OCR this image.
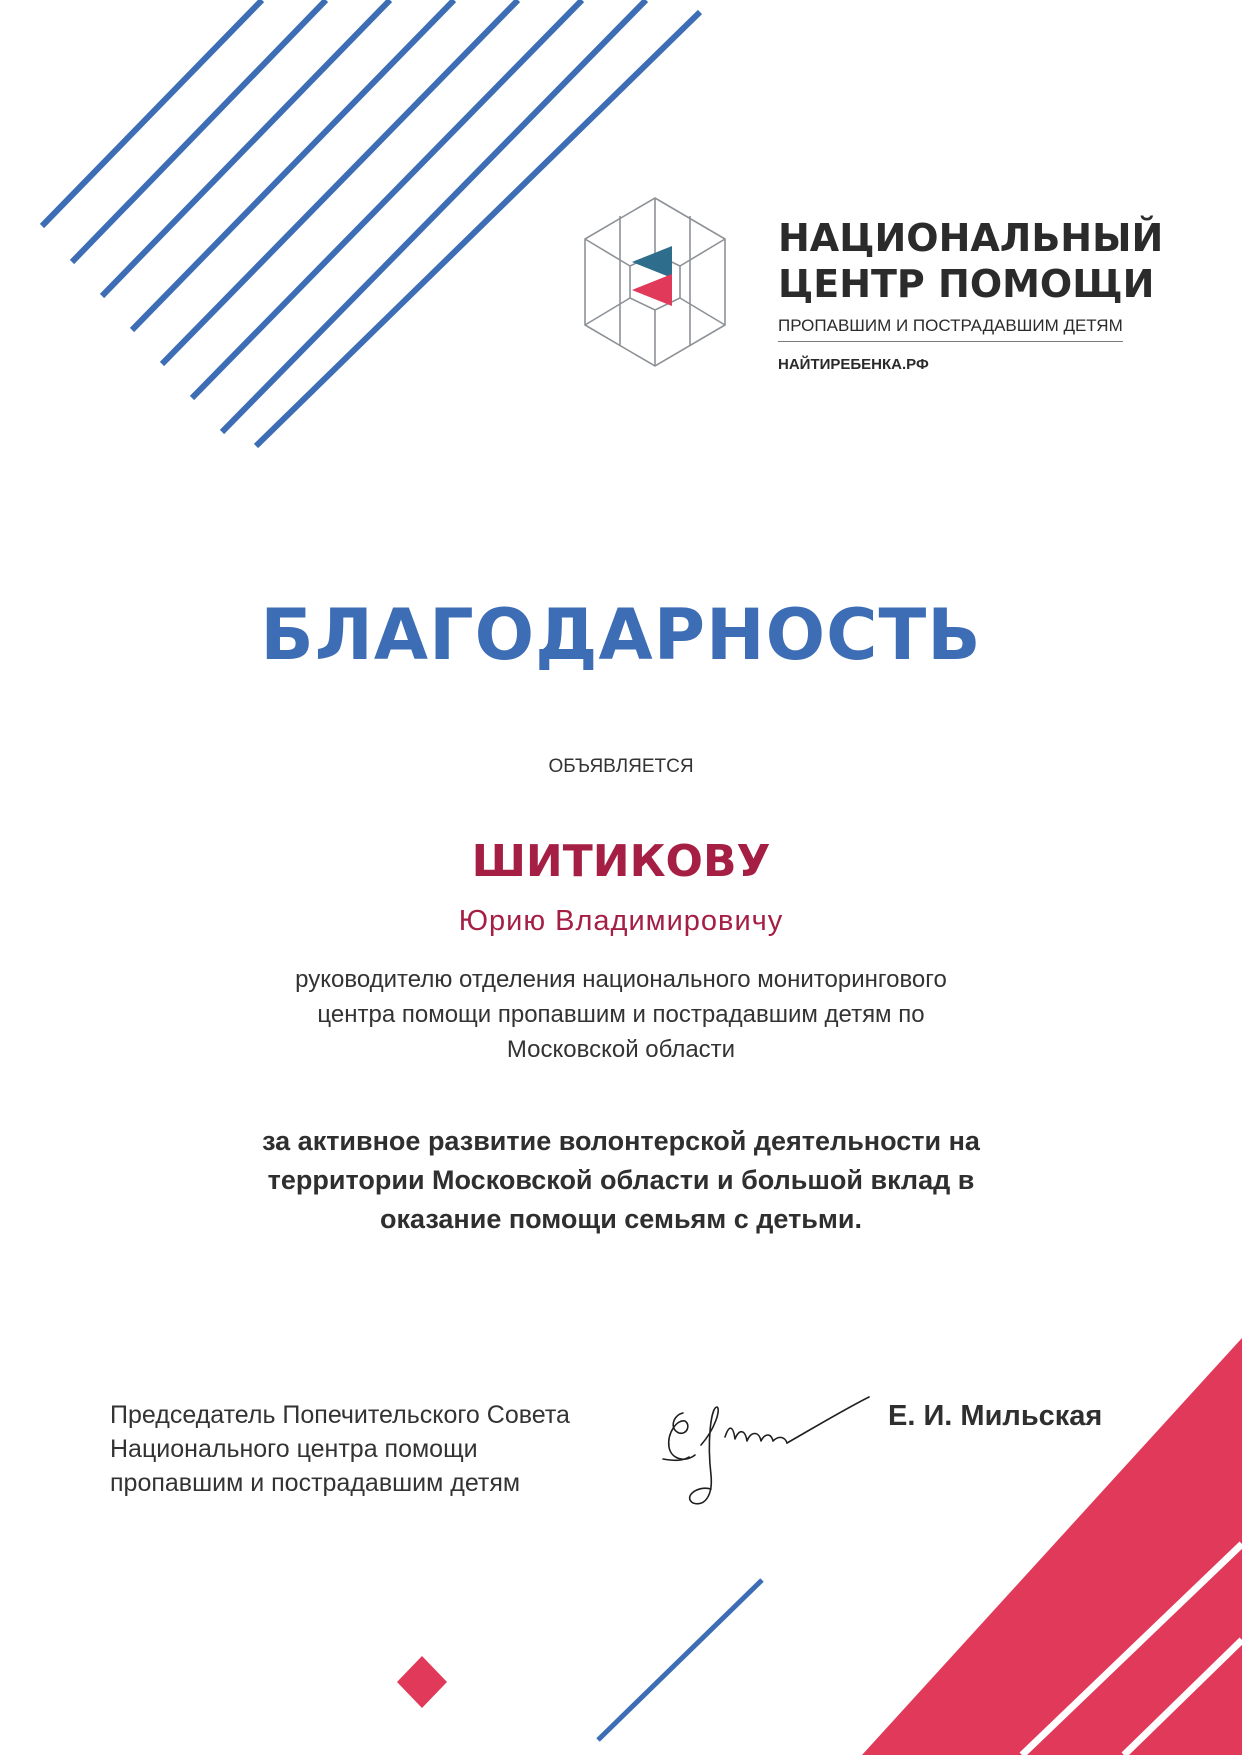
НАЦИОНАЛЬНЫЙ
ЦЕНТР ПОМОЩИ
ПРОПАВШИМ И ПОСТРАДАВШИМ ДЕТЯМ
НАЙТИРЕБЕНКА.РФ
БЛАГОДАРНОСТЬ
ОБЪЯВЛЯЕТСЯ
ШИТИКОВУ
Юрию Владимировичу
руководителю отделения национального мониторингового
центра помощи пропавшим и пострадавшим детям по
Московской области
за активное развитие волонтерской деятельности на
территории Московской области и большой вклад в
оказание помощи семьям с детьми.
Председатель Попечительского Совета
Национального центра помощи
пропавшим и пострадавшим детям
Е. И. Мильская
